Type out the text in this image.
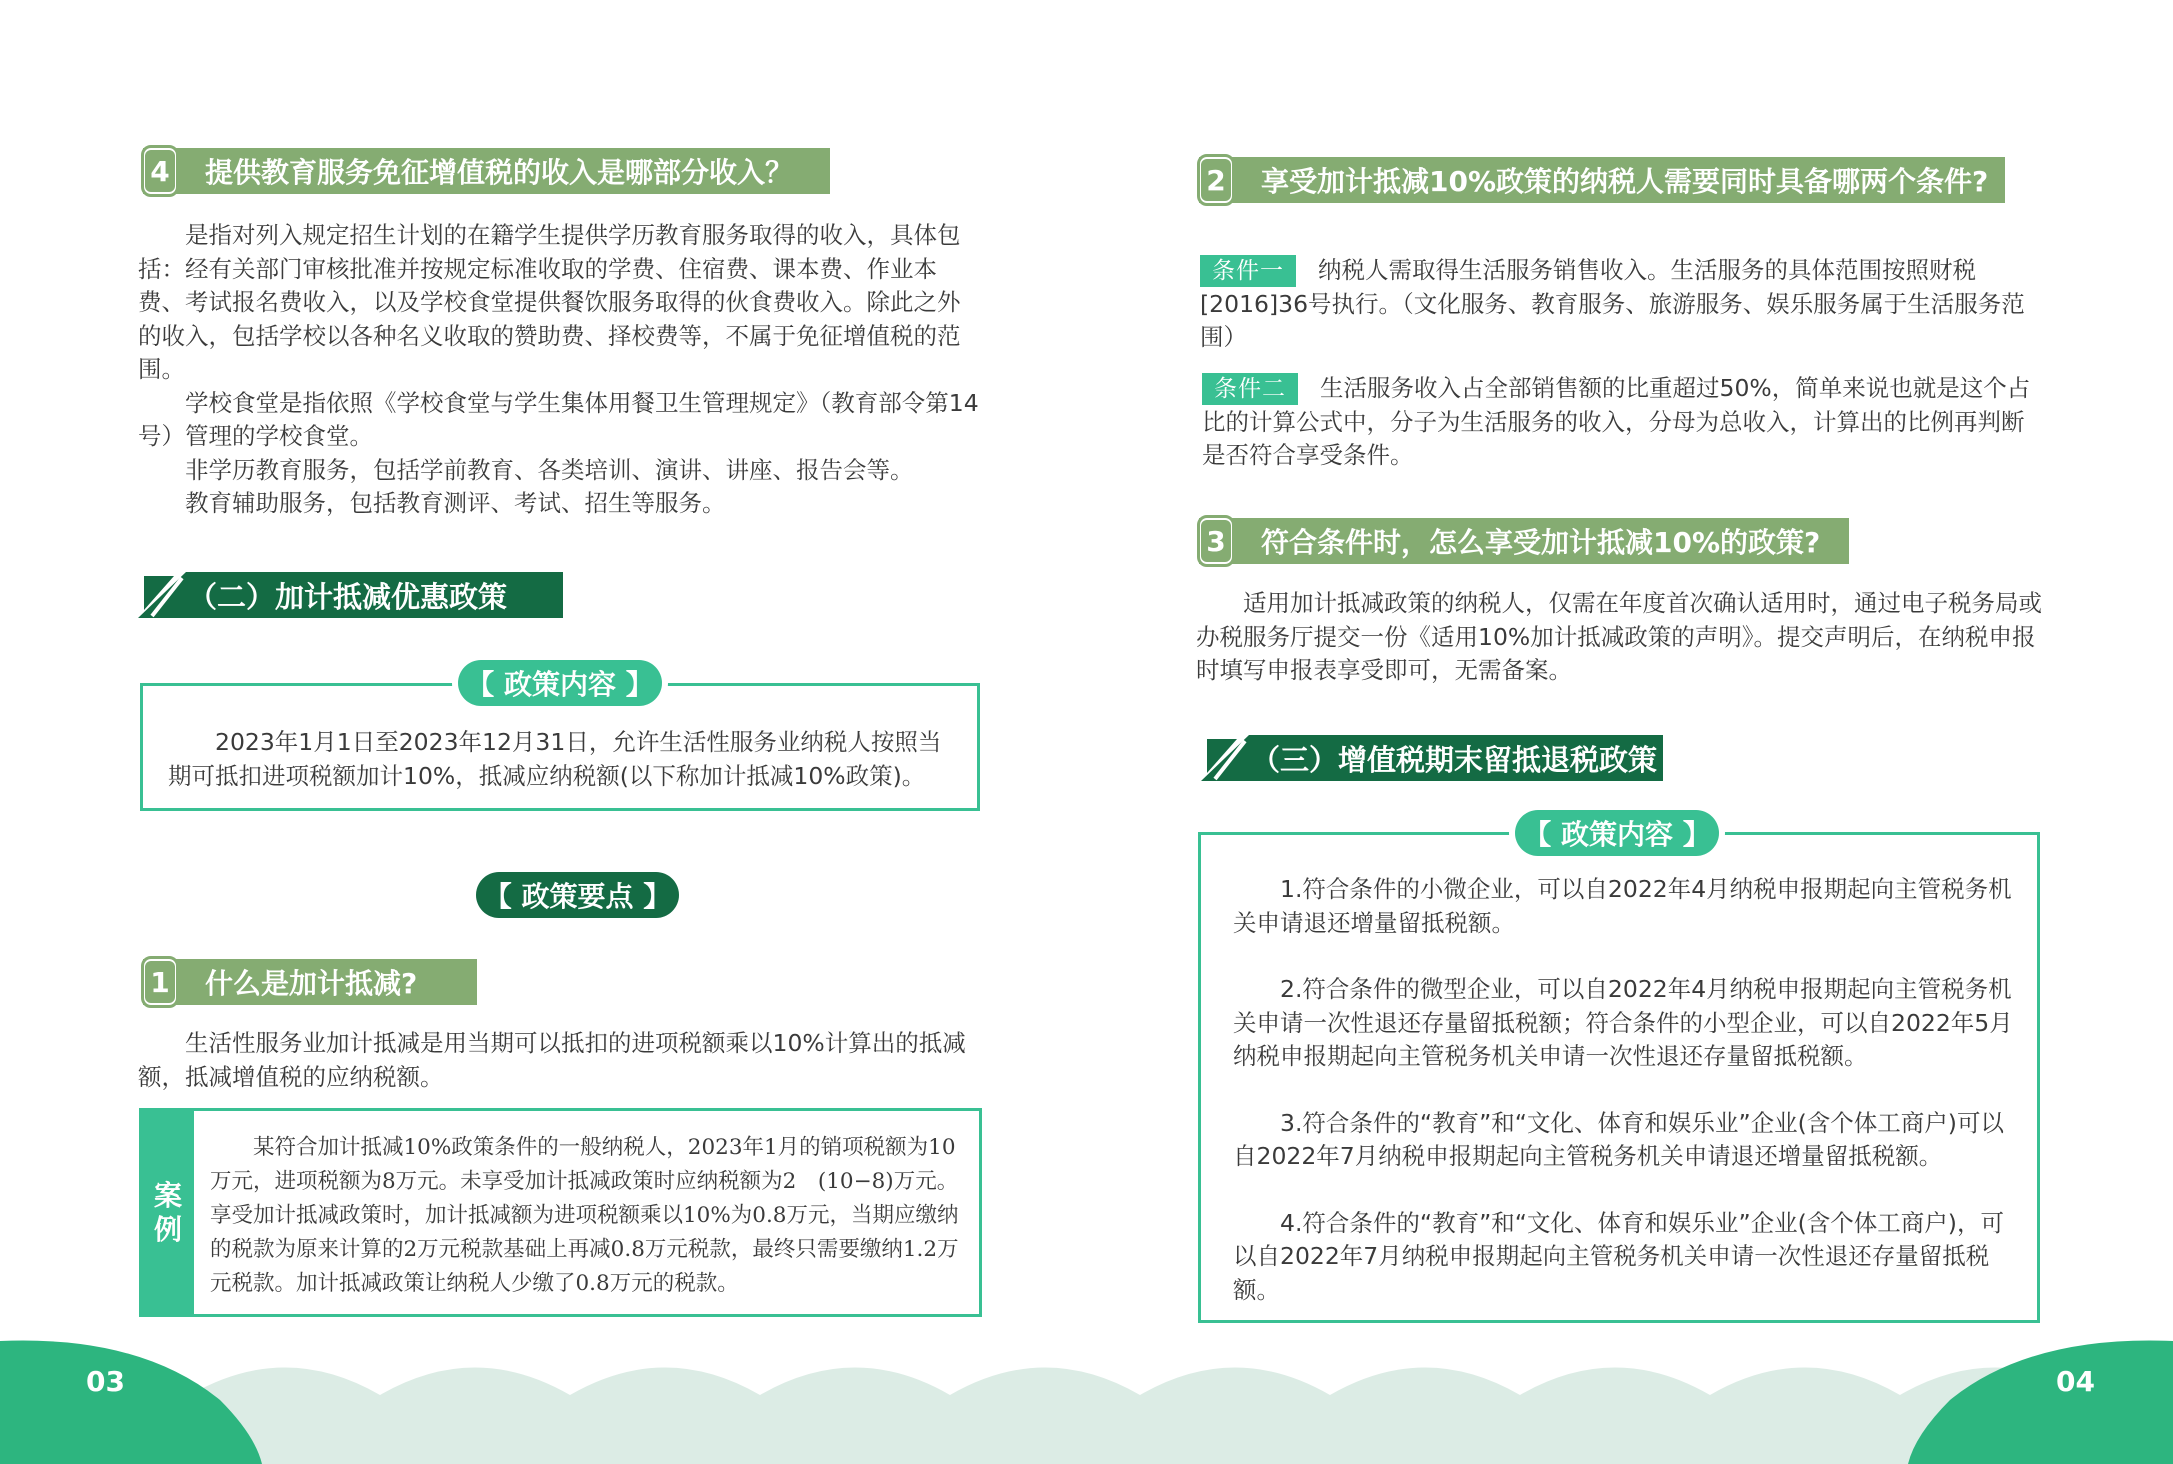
4 提供教育服务免征增值税的收入是哪部分收入？

是指对列入规定招生计划的在籍学生提供学历教育服务取得的收入，具体包括：经有关部门审核批准并按规定标准收取的学费、住宿费、课本费、作业本费、考试报名费收入，以及学校食堂提供餐饮服务取得的伙食费收入。除此之外的收入，包括学校以各种名义收取的赞助费、择校费等，不属于免征增值税的范围。

学校食堂是指依照《学校食堂与学生集体用餐卫生管理规定》（教育部令第14号）管理的学校食堂。

非学历教育服务，包括学前教育、各类培训、演讲、讲座、报告会等。

教育辅助服务，包括教育测评、考试、招生等服务。

（二）加计抵减优惠政策
2023年1月1日至2023年12月31日，允许生活性服务业纳税人按照当期可抵扣进项税额加计10%，抵减应纳税额(以下称加计抵减10%政策)。
【 政策内容 】
【 政策要点 】
1 什么是加计抵减?
生活性服务业加计抵减是用当期可以抵扣的进项税额乘以10%计算出的抵减额，抵减增值税的应纳税额。
案
例
某符合加计抵减10%政策条件的一般纳税人，2023年1月的销项税额为10万元，进项税额为8万元。未享受加计抵减政策时应纳税额为2　(10−8)万元。享受加计抵减政策时，加计抵减额为进项税额乘以10%为0.8万元，当期应缴纳的税款为原来计算的2万元税款基础上再减0.8万元税款，最终只需要缴纳1.2万元税款。加计抵减政策让纳税人少缴了0.8万元的税款。
2 享受加计抵减10%政策的纳税人需要同时具备哪两个条件?
条件一 纳税人需取得生活服务销售收入。生活服务的具体范围按照财税[2016]36号执行。（文化服务、教育服务、旅游服务、娱乐服务属于生活服务范围）
条件二 生活服务收入占全部销售额的比重超过50%，简单来说也就是这个占比的计算公式中，分子为生活服务的收入，分母为总收入，计算出的比例再判断是否符合享受条件。
3 符合条件时，怎么享受加计抵减10%的政策?
适用加计抵减政策的纳税人，仅需在年度首次确认适用时，通过电子税务局或办税服务厅提交一份《适用10%加计抵减政策的声明》。提交声明后，在纳税申报时填写申报表享受即可，无需备案。
（三）增值税期末留抵退税政策

1.符合条件的小微企业，可以自2022年4月纳税申报期起向主管税务机关申请退还增量留抵税额。

2.符合条件的微型企业，可以自2022年4月纳税申报期起向主管税务机关申请一次性退还存量留抵税额；符合条件的小型企业，可以自2022年5月纳税申报期起向主管税务机关申请一次性退还存量留抵税额。

3.符合条件的“教育”和“文化、体育和娱乐业”企业(含个体工商户)可以自2022年7月纳税申报期起向主管税务机关申请退还增量留抵税额。

4.符合条件的“教育”和“文化、体育和娱乐业”企业(含个体工商户)，可以自2022年7月纳税申报期起向主管税务机关申请一次性退还存量留抵税额。

【 政策内容 】
03	04
